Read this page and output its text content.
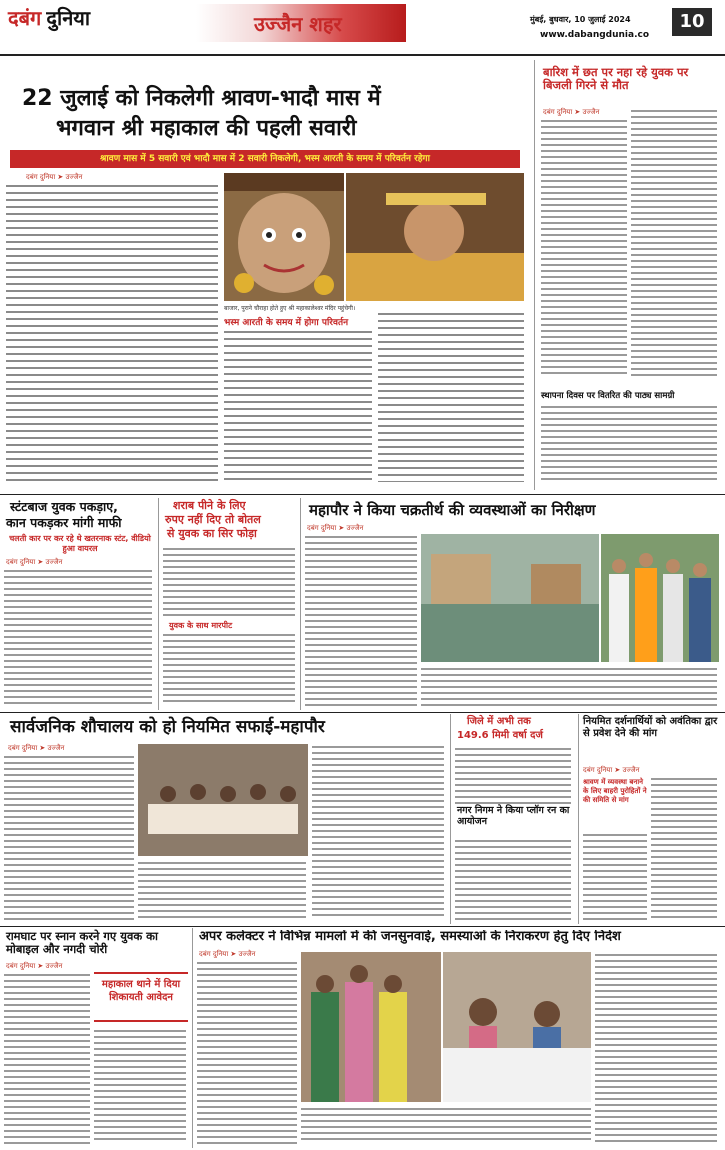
दबंग दुनिया	उज्जैन शहर	मुंबई, बुधवार, 10 जुलाई 2024
www.dabangdunia.co
10
22 जुलाई को निकलेगी श्रावण-भादौ मास में
भगवान श्री महाकाल की पहली सवारी
श्रावण मास में 5 सवारी एवं भादौ मास में 2 सवारी निकलेगी, भस्म आरती के समय में परिवर्तन रहेगा
दबंग दुनिया ➤ उज्जैन
बाजार, पुराने चौराहा होते हुए श्री महाकालेश्वर मंदिर पहुंचेगी।
भस्म आरती के समय में होगा परिवर्तन
बारिश में छत पर नहा रहे युवक पर बिजली गिरने से मौत
दबंग दुनिया ➤ उज्जैन
स्थापना दिवस पर वितरित की पाठ्य सामग्री
स्टंटबाज युवक पकड़ाए,
कान पकड़कर मांगी माफी
चलती कार पर कर रहे थे खतरनाक स्टंट, वीडियो हुआ वायरल
दबंग दुनिया ➤ उज्जैन
शराब पीने के लिए
रुपए नहीं दिए तो बोतल
से युवक का सिर फोड़ा
युवक के साथ मारपीट
महापौर ने किया चक्रतीर्थ की व्यवस्थाओं का निरीक्षण
दबंग दुनिया ➤ उज्जैन
सार्वजनिक शौचालय को हो नियमित सफाई-महापौर
दबंग दुनिया ➤ उज्जैन
जिले में अभी तक
149.6 मिमी वर्षा दर्ज
नगर निगम ने किया प्लॉग रन का आयोजन
नियमित दर्शनार्थियों को अवंतिका द्वार से प्रवेश देने की मांग
दबंग दुनिया ➤ उज्जैन
श्रावण में व्यवस्था बनाने के लिए बाहरी पुरोहितों ने की समिति से मांग
रामघाट पर स्नान करने गए युवक का मोबाइल और नगदी चोरी
दबंग दुनिया ➤ उज्जैन
महाकाल थाने में दिया शिकायती आवेदन
अपर कलेक्टर ने विभिन्न मामलों में की जनसुनवाई, समस्याओं के निराकरण हेतु दिए निर्देश
दबंग दुनिया ➤ उज्जैन
